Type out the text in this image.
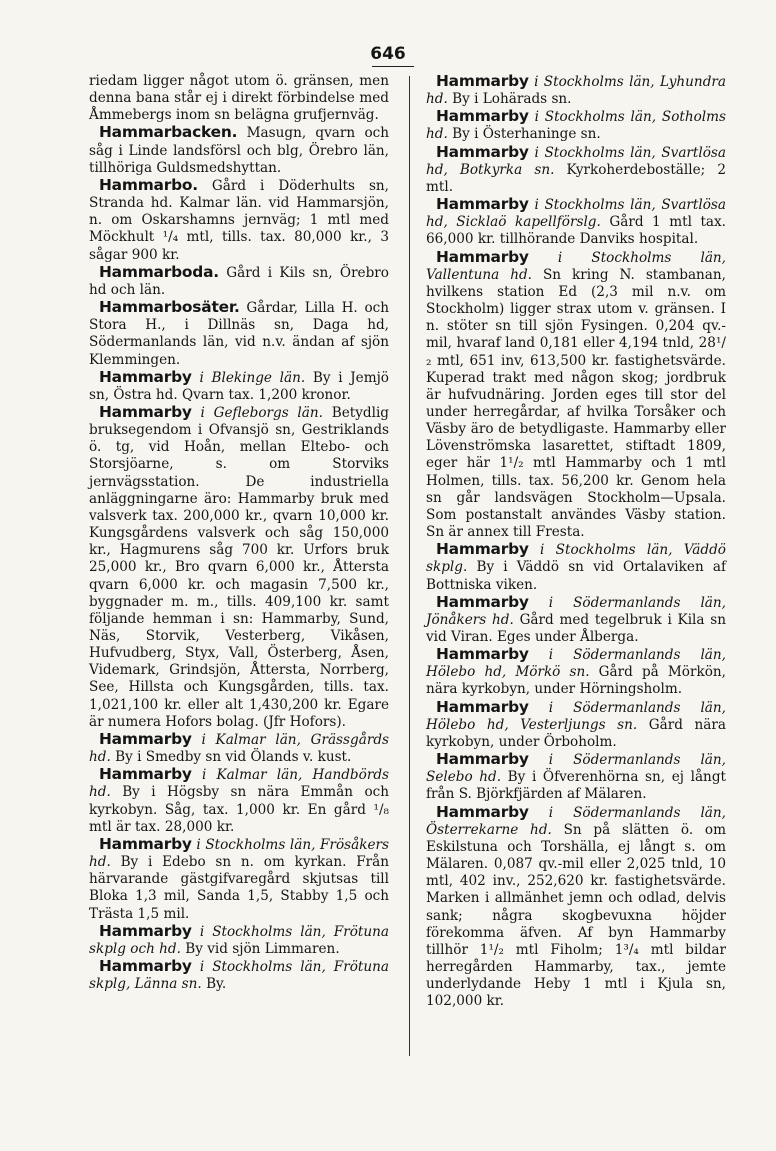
646

riedam ligger något utom ö. gränsen, men denna bana står ej i direkt förbindelse med Åmmebergs inom sn belägna grufjernväg.

Hammarbacken. Masugn, qvarn och såg i Linde landsförsl och blg, Örebro län, tillhöriga Guldsmedshyttan.

Hammarbo. Gård i Döderhults sn, Stranda hd. Kalmar län. vid Hammarsjön, n. om Oskarshamns jernväg; 1 mtl med Möckhult ¹/₄ mtl, tills. tax. 80,000 kr., 3 sågar 900 kr.

Hammarboda. Gård i Kils sn, Örebro hd och län.

Hammarbosäter. Gårdar, Lilla H. och Stora H., i Dillnäs sn, Daga hd, Södermanlands län, vid n.v. ändan af sjön Klemmingen.

Hammarby i Blekinge län. By i Jemjö sn, Östra hd. Qvarn tax. 1,200 kronor.

Hammarby i Gefleborgs län. Betydlig bruksegendom i Ofvansjö sn, Gestriklands ö. tg, vid Hoån, mellan Eltebo- och Storsjöarne, s. om Storviks jernvägsstation. De industriella anläggningarne äro: Hammarby bruk med valsverk tax. 200,000 kr., qvarn 10,000 kr. Kungsgårdens valsverk och såg 150,000 kr., Hagmurens såg 700 kr. Urfors bruk 25,000 kr., Bro qvarn 6,000 kr., Åttersta qvarn 6,000 kr. och magasin 7,500 kr., byggnader m. m., tills. 409,100 kr. samt följande hemman i sn: Hammarby, Sund, Näs, Storvik, Vesterberg, Vikåsen, Hufvudberg, Styx, Vall, Österberg, Åsen, Videmark, Grindsjön, Åttersta, Norrberg, See, Hillsta och Kungsgården, tills. tax. 1,021,100 kr. eller alt 1,430,200 kr. Egare är numera Hofors bolag. (Jfr Hofors).

Hammarby i Kalmar län, Grässgårds hd. By i Smedby sn vid Ölands v. kust.

Hammarby i Kalmar län, Handbörds hd. By i Högsby sn nära Emmån och kyrkobyn. Såg, tax. 1,000 kr. En gård ¹/₈ mtl är tax. 28,000 kr.

Hammarby i Stockholms län, Frösåkers hd. By i Edebo sn n. om kyrkan. Från härvarande gästgifvaregård skjutsas till Bloka 1,3 mil, Sanda 1,5, Stabby 1,5 och Trästa 1,5 mil.

Hammarby i Stockholms län, Frötuna skplg och hd. By vid sjön Limmaren.

Hammarby i Stockholms län, Frötuna skplg, Länna sn. By.

Hammarby i Stockholms län, Lyhundra hd. By i Lohärads sn.

Hammarby i Stockholms län, Sotholms hd. By i Österhaninge sn.

Hammarby i Stockholms län, Svartlösa hd, Botkyrka sn. Kyrkoherdeboställe; 2 mtl.

Hammarby i Stockholms län, Svartlösa hd, Sicklaö kapellförslg. Gård 1 mtl tax. 66,000 kr. tillhörande Danviks hospital.

Hammarby i Stockholms län, Vallentuna hd. Sn kring N. stambanan, hvilkens station Ed (2,3 mil n.v. om Stockholm) ligger strax utom v. gränsen. I n. stöter sn till sjön Fysingen. 0,204 qv.-mil, hvaraf land 0,181 eller 4,194 tnld, 28¹/₂ mtl, 651 inv, 613,500 kr. fastighetsvärde. Kuperad trakt med någon skog; jordbruk är hufvudnäring. Jorden eges till stor del under herregårdar, af hvilka Torsåker och Väsby äro de betydligaste. Hammarby eller Lövenströmska lasarettet, stiftadt 1809, eger här 1¹/₂ mtl Hammarby och 1 mtl Holmen, tills. tax. 56,200 kr. Genom hela sn går landsvägen Stockholm—Upsala. Som postanstalt användes Väsby station. Sn är annex till Fresta.

Hammarby i Stockholms län, Väddö skplg. By i Väddö sn vid Ortalaviken af Bottniska viken.

Hammarby i Södermanlands län, Jönåkers hd. Gård med tegelbruk i Kila sn vid Viran. Eges under Ålberga.

Hammarby i Södermanlands län, Hölebo hd, Mörkö sn. Gård på Mörkön, nära kyrkobyn, under Hörningsholm.

Hammarby i Södermanlands län, Hölebo hd, Vesterljungs sn. Gård nära kyrkobyn, under Örboholm.

Hammarby i Södermanlands län, Selebo hd. By i Öfverenhörna sn, ej långt från S. Björkfjärden af Mälaren.

Hammarby i Södermanlands län, Österrekarne hd. Sn på slätten ö. om Eskilstuna och Torshälla, ej långt s. om Mälaren. 0,087 qv.-mil eller 2,025 tnld, 10 mtl, 402 inv., 252,620 kr. fastighetsvärde. Marken i allmänhet jemn och odlad, delvis sank; några skogbevuxna höjder förekomma äfven. Af byn Hammarby tillhör 1¹/₂ mtl Fiholm; 1³/₄ mtl bildar herregården Hammarby, tax., jemte underlydande Heby 1 mtl i Kjula sn, 102,000 kr.
